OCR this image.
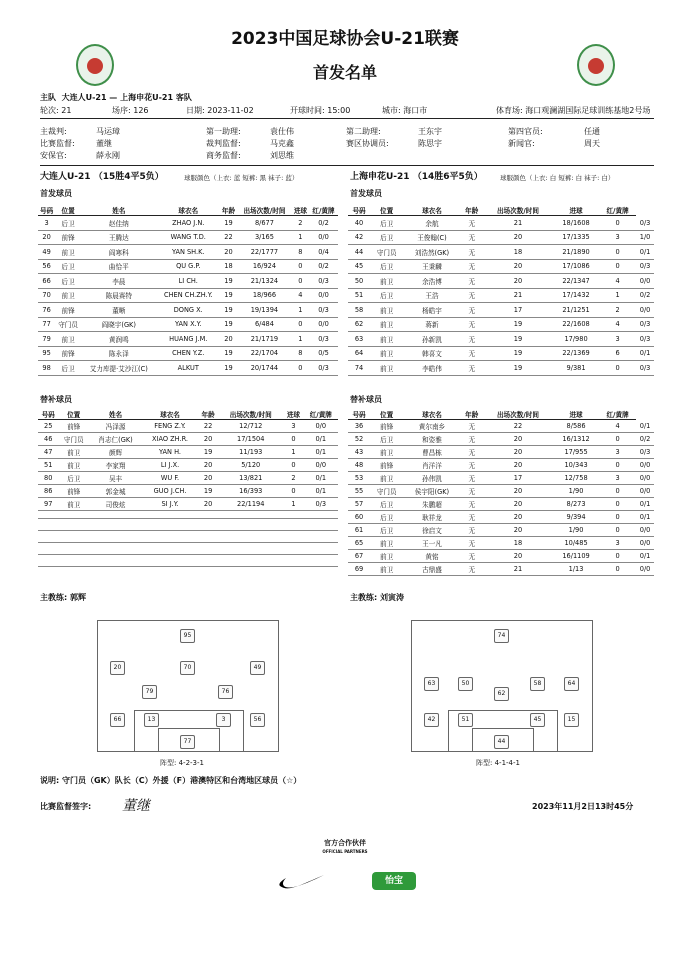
2023中国足球协会U-21联赛
首发名单
主队 大连人U-21 — 上海申花U-21 客队
轮次: 21	场序: 126	日期: 2023-11-02	开球时间: 15:00	城市: 海口市	体育场: 海口观澜湖国际足球训练基地2号场
主裁判:	马运璋	第一助理:	袁仕伟	第二助理:	王东宇	第四官员:	任通
比赛监督:	董继	裁判监督:	马克鑫	赛区协调员:	陈思宇	新闻官:	周天
安保官:	薛永刚	商务监督:	刘思维
大连人U-21 （15胜4平5负）	球服颜色（上衣: 蓝 短裤: 黑 袜子: 蓝）
首发球员
号码	位置	姓名	球衣名	年龄	出场次数/时间	进球	红/黄牌
3	后卫	赵佳纳	ZHAO J.N.	19	8/677	2	0/2
20	前锋	王腾达	WANG T.D.	22	3/165	1	0/0
49	前卫	阎寒科	YAN SH.K.	20	22/1777	8	0/4
56	后卫	曲恰平	QU G.P.	18	16/924	0	0/2
66	后卫	李晨	LI CH.	19	21/1324	0	0/3
70	前卫	陈晨赛特	CHEN CH.ZH.Y.	19	18/966	4	0/0
76	前锋	董晰	DONG X.	19	19/1394	1	0/3
77	守门员	阎晓宇(GK)	YAN X.Y.	19	6/484	0	0/0
79	前卫	黄润鸣	HUANG J.M.	20	21/1719	1	0/3
95	前锋	陈永泽	CHEN Y.Z.	19	22/1704	8	0/5
98	后卫	艾力库提·艾沙江(C)	ALKUT	19	20/1744	0	0/3
替补球员
号码	位置	姓名	球衣名	年龄	出场次数/时间	进球	红/黄牌
25	前锋	冯泽源	FENG Z.Y.	22	12/712	3	0/0
46	守门员	肖志仁(GK)	XIAO ZH.R.	20	17/1504	0	0/1
47	前卫	颜辉	YAN H.	19	11/193	1	0/1
51	前卫	李家翔	LI J.X.	20	5/120	0	0/0
80	后卫	吴丰	WU F.	20	13/821	2	0/1
86	前锋	郭金城	GUO J.CH.	19	16/393	0	0/1
97	前卫	司俊炫	SI J.Y.	20	22/1194	1	0/3
上海申花U-21 （14胜6平5负）	球服颜色（上衣: 白 短裤: 白 袜子: 白）
首发球员
号码	位置	球衣名	年龄	出场次数/时间	进球	红/黄牌	
40	后卫	余航	无	21	18/1608	0	0/3
42	后卫	王俊翰(C)	无	20	17/1335	3	1/0
44	守门员	刘浩然(GK)	无	18	21/1890	0	0/1
45	后卫	王秉麟	无	20	17/1086	0	0/3
50	前卫	余浩博	无	20	22/1347	4	0/0
51	后卫	王浩	无	21	17/1432	1	0/2
58	前卫	杨皓宇	无	17	21/1251	2	0/0
62	前卫	蒋新	无	19	22/1608	4	0/3
63	前卫	孙新凯	无	19	17/980	3	0/3
64	前卫	韩喜文	无	19	22/1369	6	0/1
74	前卫	李皓伟	无	19	9/381	0	0/3
替补球员
号码	位置	球衣名	年龄	出场次数/时间	进球	红/黄牌	
36	前锋	黄尔南乡	无	22	8/586	4	0/1
52	后卫	和姿雅	无	20	16/1312	0	0/2
43	前卫	曹昌栋	无	20	17/955	3	0/3
48	前锋	肖洋洋	无	20	10/343	0	0/0
53	前卫	孙伟凯	无	17	12/758	3	0/0
55	守门员	侯宇阳(GK)	无	20	1/90	0	0/0
57	后卫	朱鹏超	无	20	8/273	0	0/1
60	后卫	耿祥龙	无	20	9/394	0	0/1
61	后卫	徐启文	无	20	1/90	0	0/0
65	前卫	王一凡	无	18	10/485	3	0/0
67	前卫	黄铭	无	20	16/1109	0	0/1
69	前卫	古鼎盛	无	21	1/13	0	0/0
主教练: 郭辉	主教练: 刘寅涛
95
20	70	49
79	76
66	13	3	56
77
阵型: 4-2-3-1
74
63	50	58	64
62
42	51	45	15
44
阵型: 4-1-4-1
说明: 守门员（GK）队长（C）外援（F）港澳特区和台湾地区球员（☆）
比赛监督签字: 董继	2023年11月2日13时45分
官方合作伙伴
OFFICIAL PARTNERS
怡宝
